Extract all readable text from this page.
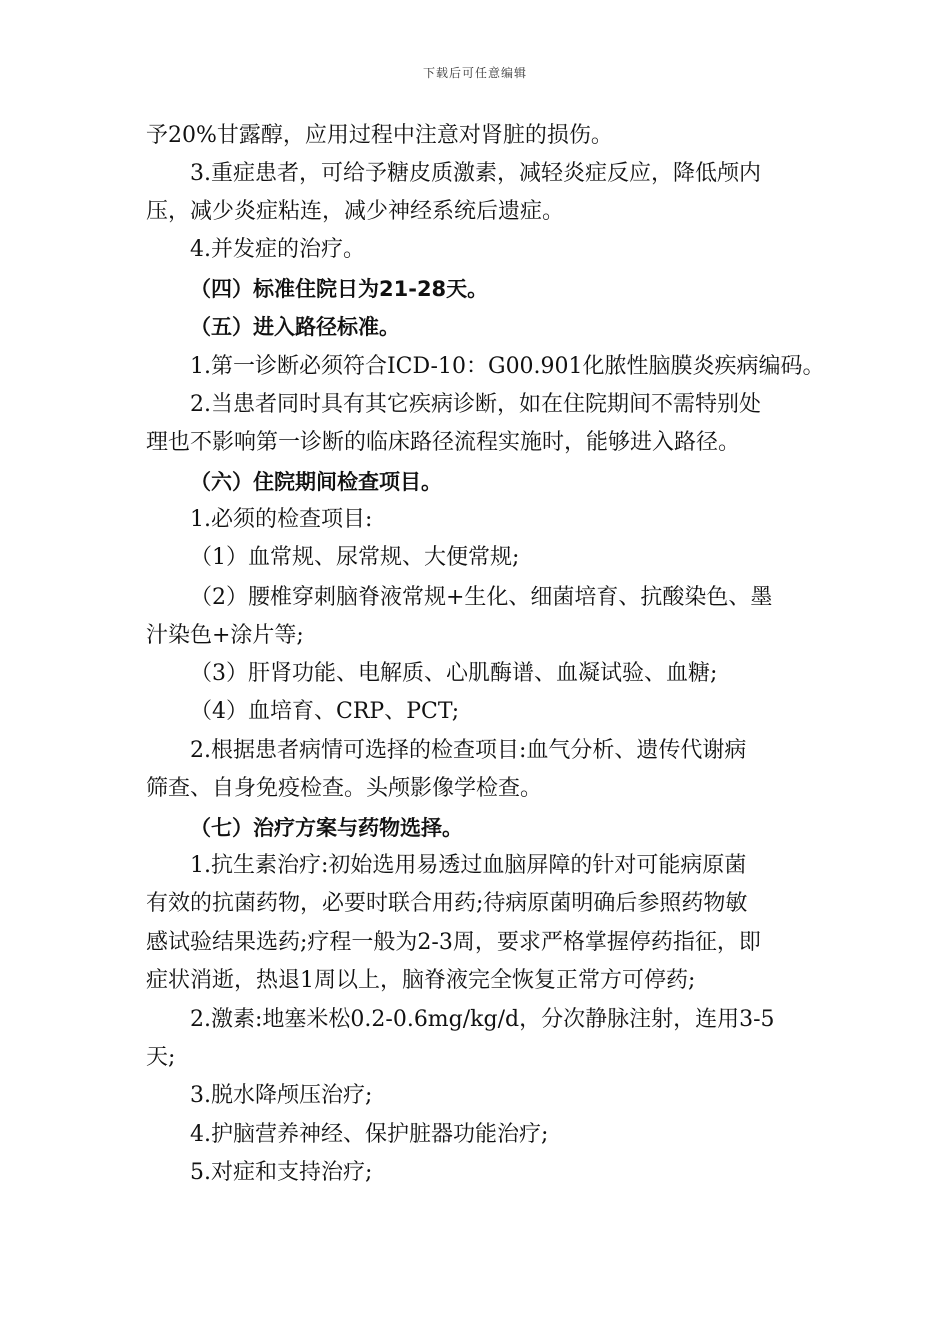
下载后可任意编辑
予20%甘露醇，应用过程中注意对肾脏的损伤。
3.重症患者，可给予糖皮质激素，减轻炎症反应，降低颅内
压，减少炎症粘连，减少神经系统后遗症。
4.并发症的治疗。
（四）标准住院日为21-28天。
（五）进入路径标准。
1.第一诊断必须符合ICD-10：G00.901化脓性脑膜炎疾病编码。
2.当患者同时具有其它疾病诊断，如在住院期间不需特别处
理也不影响第一诊断的临床路径流程实施时，能够进入路径。
（六）住院期间检查项目。
1.必须的检查项目:
（1）血常规、尿常规、大便常规;
（2）腰椎穿刺脑脊液常规+生化、细菌培育、抗酸染色、墨
汁染色+涂片等;
（3）肝肾功能、电解质、心肌酶谱、血凝试验、血糖;
（4）血培育、CRP、PCT;
2.根据患者病情可选择的检查项目:血气分析、遗传代谢病
筛查、自身免疫检查。头颅影像学检查。
（七）治疗方案与药物选择。
1.抗生素治疗:初始选用易透过血脑屏障的针对可能病原菌
有效的抗菌药物，必要时联合用药;待病原菌明确后参照药物敏
感试验结果选药;疗程一般为2-3周，要求严格掌握停药指征，即
症状消逝，热退1周以上，脑脊液完全恢复正常方可停药;
2.激素:地塞米松0.2-0.6mg/kg/d，分次静脉注射，连用3-5
天;
3.脱水降颅压治疗;
4.护脑营养神经、保护脏器功能治疗;
5.对症和支持治疗;
